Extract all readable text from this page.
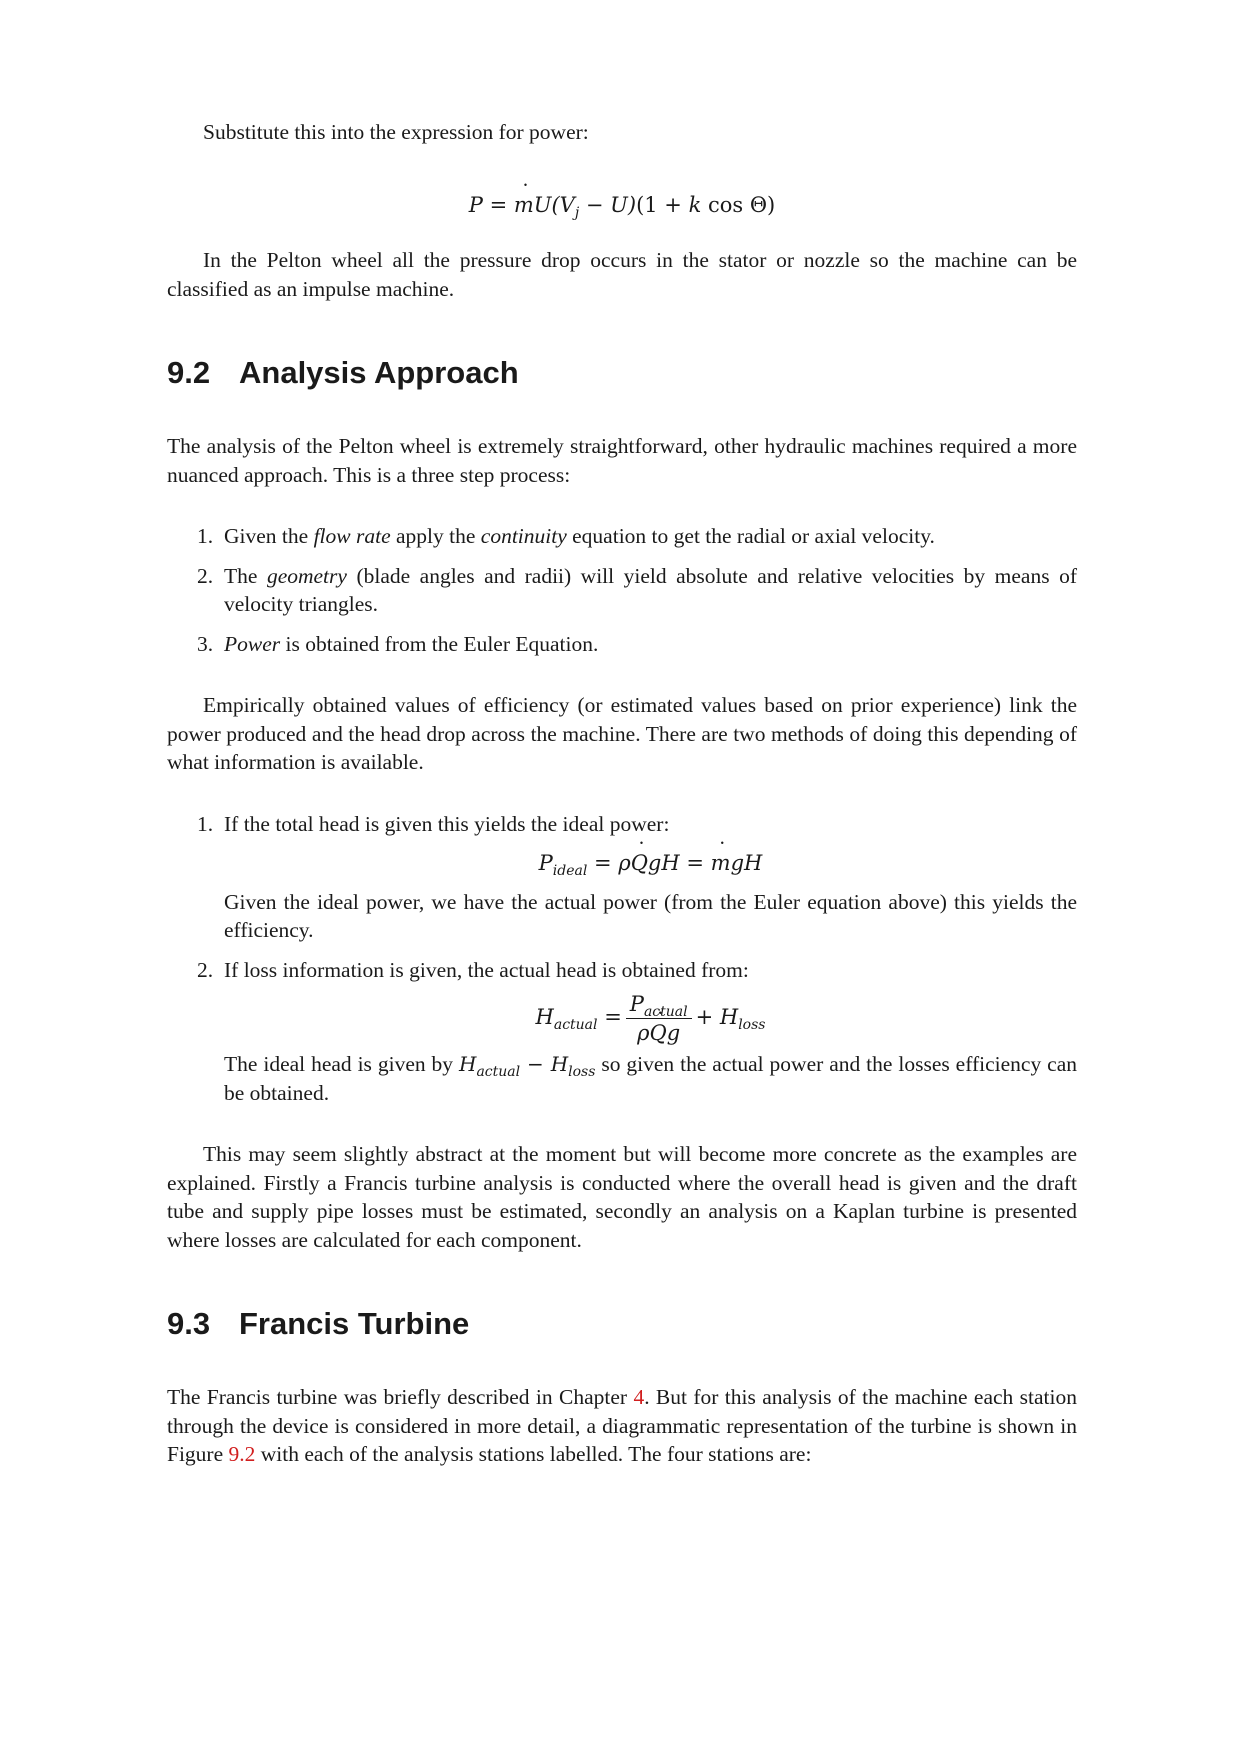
Substitute this into the expression for power:

P = ˙ $mU(V_j - U)(1 + k$ cos Θ)

In the Pelton wheel all the pressure drop occurs in the stator or nozzle so the machine can be classified as an impulse machine.

9.2 Analysis Approach

The analysis of the Pelton wheel is extremely straightforward, other hydraulic machines required a more nuanced approach. This is a three step process:

1. Given the flow rate apply the continuity equation to get the radial or axial velocity.
2. The geometry (blade angles and radii) will yield absolute and relative velocities by means of velocity triangles.
3. Power is obtained from the Euler Equation.

Empirically obtained values of efficiency (or estimated values based on prior experience) link the power produced and the head drop across the machine. There are two methods of doing this depending of what information is available.

1. If the total head is given this yields the ideal power:
$P_{ideal}$ = ρ˙ QgH = ˙ mgH
Given the ideal power, we have the actual power (from the Euler equation above) this yields the efficiency.
2. If loss information is given, the actual head is obtained from:
$H_{actual} = \frac{P_{actual}}{\rho˙ Qg} + H_{loss}$
The ideal head is given by $H_{actual} - H_{loss}$ so given the actual power and the losses efficiency can be obtained.

This may seem slightly abstract at the moment but will become more concrete as the examples are explained. Firstly a Francis turbine analysis is conducted where the overall head is given and the draft tube and supply pipe losses must be estimated, secondly an analysis on a Kaplan turbine is presented where losses are calculated for each component.

9.3 Francis Turbine

The Francis turbine was briefly described in Chapter 4. But for this analysis of the machine each station through the device is considered in more detail, a diagrammatic representation of the turbine is shown in Figure 9.2 with each of the analysis stations labelled. The four stations are:
